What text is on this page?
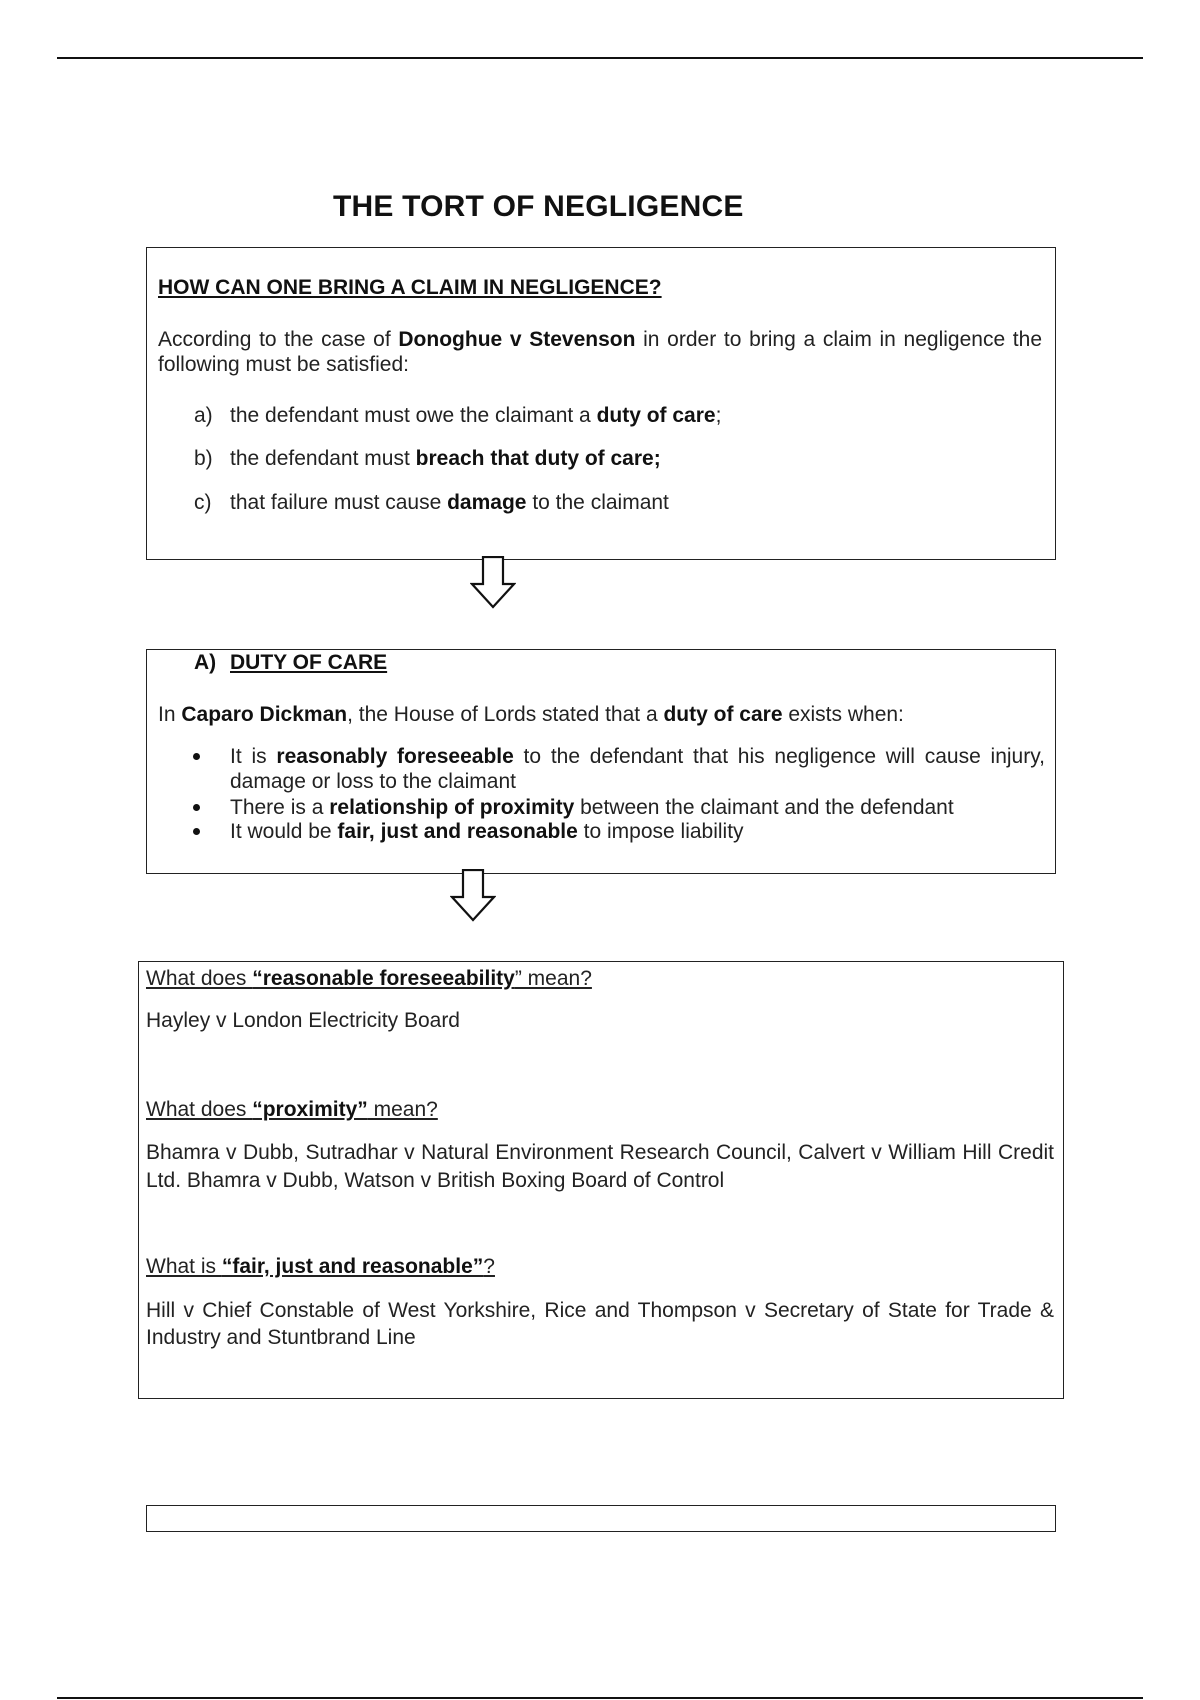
THE TORT OF NEGLIGENCE
HOW CAN ONE BRING A CLAIM IN NEGLIGENCE?
According to the case of Donoghue v Stevenson in order to bring a claim in negligence the following must be satisfied:
a) the defendant must owe the claimant a duty of care;
b) the defendant must breach that duty of care;
c) that failure must cause damage to the claimant
A) DUTY OF CARE
In Caparo Dickman, the House of Lords stated that a duty of care exists when:
It is reasonably foreseeable to the defendant that his negligence will cause injury, damage or loss to the claimant
There is a relationship of proximity between the claimant and the defendant
It would be fair, just and reasonable to impose liability
What does “reasonable foreseeability” mean?
Hayley v London Electricity Board
What does “proximity” mean?
Bhamra v Dubb, Sutradhar v Natural Environment Research Council, Calvert v William Hill Credit Ltd. Bhamra v Dubb, Watson v British Boxing Board of Control
What is “fair, just and reasonable”?
Hill v Chief Constable of West Yorkshire, Rice and Thompson v Secretary of State for Trade & Industry and Stuntbrand Line
